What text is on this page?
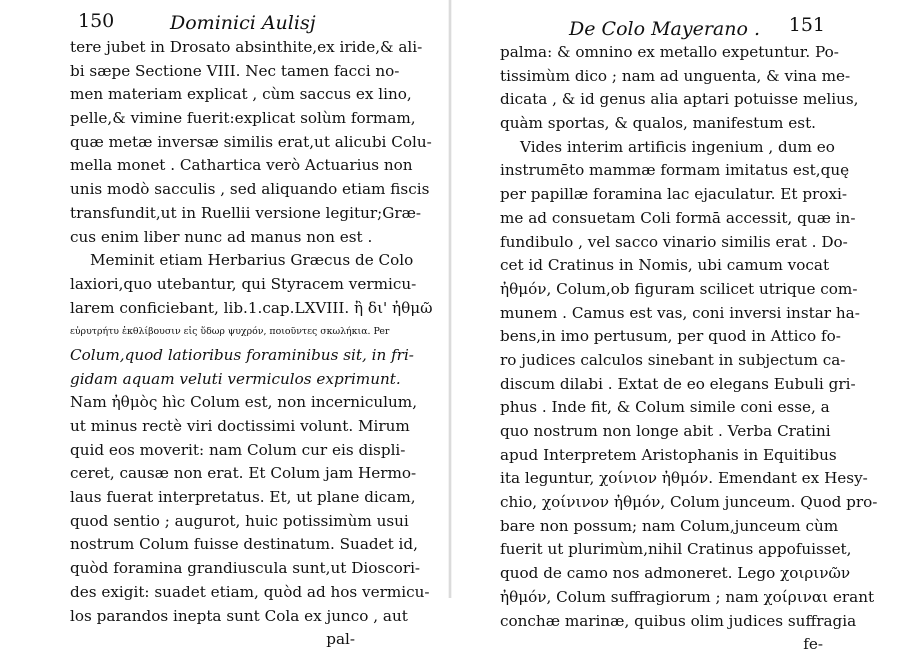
150	Dominici Aulisj
tere jubet in Drosato absinthite,ex iride,& ali-
bi sæpe Sectione VIII. Nec tamen facci no-
men materiam explicat , cùm saccus ex lino,
pelle,& vimine fuerit:explicat solùm formam,
quæ metæ inversæ similis erat,ut alicubi Colu-
mella monet . Cathartica verò Actuarius non
unis modò sacculis , sed aliquando etiam fiscis
transfundit,ut in Ruellii versione legitur;Græ-
cus enim liber nunc ad manus non est .
Meminit etiam Herbarius Græcus de Colo
laxiori,quo utebantur, qui Styracem vermicu-
larem conficiebant, lib.1.cap.LXVIII. ἢ δι' ἠθμῶ
εὐρυτρήτυ ἐκθλίβουσιν εἰς ὕδωρ ψυχρόν, ποιοῦντες σκωλήκια. Per
Colum,quod latioribus foraminibus sit, in fri-
gidam aquam veluti vermiculos exprimunt.
Nam ἠθμὸς hìc Colum est, non incerniculum,
ut minus rectè viri doctissimi volunt. Mirum
quid eos moverit: nam Colum cur eis displi-
ceret, causæ non erat. Et Colum jam Hermo-
laus fuerat interpretatus. Et, ut plane dicam,
quod sentio ; augurot, huic potissimùm usui
nostrum Colum fuisse destinatum. Suadet id,
quòd foramina grandiuscula sunt,ut Dioscori-
des exigit: suadet etiam, quòd ad hos vermicu-
los parandos inepta sunt Cola ex junco , aut
pal-
De Colo Mayerano . 151
palma: & omnino ex metallo expetuntur. Po-
tissimùm dico ; nam ad unguenta, & vina me-
dicata , & id genus alia aptari potuisse melius,
quàm sportas, & qualos, manifestum est.
Vides interim artificis ingenium , dum eo
instrumēto mammæ formam imitatus est,quę
per papillæ foramina lac ejaculatur. Et proxi-
me ad consuetam Coli formā accessit, quæ in-
fundibulo , vel sacco vinario similis erat . Do-
cet id Cratinus in Nomis, ubi camum vocat
ἠθμόν, Colum,ob figuram scilicet utrique com-
munem . Camus est vas, coni inversi instar ha-
bens,in imo pertusum, per quod in Attico fo-
ro judices calculos sinebant in subjectum ca-
discum dilabi . Extat de eo elegans Eubuli gri-
phus . Inde fit, & Colum simile coni esse, a
quo nostrum non longe abit . Verba Cratini
apud Interpretem Aristophanis in Equitibus
ita leguntur, χοίνιον ἠθμόν. Emendant ex Hesy-
chio, χοίνινον ἠθμόν, Colum junceum. Quod pro-
bare non possum; nam Colum,junceum cùm
fuerit ut plurimùm,nihil Cratinus appofuisset,
quod de camo nos admoneret. Lego χοιρινῶν
ἠθμόν, Colum suffragiorum ; nam χοίριναι erant
conchæ marinæ, quibus olim judices suffragia
fe-
